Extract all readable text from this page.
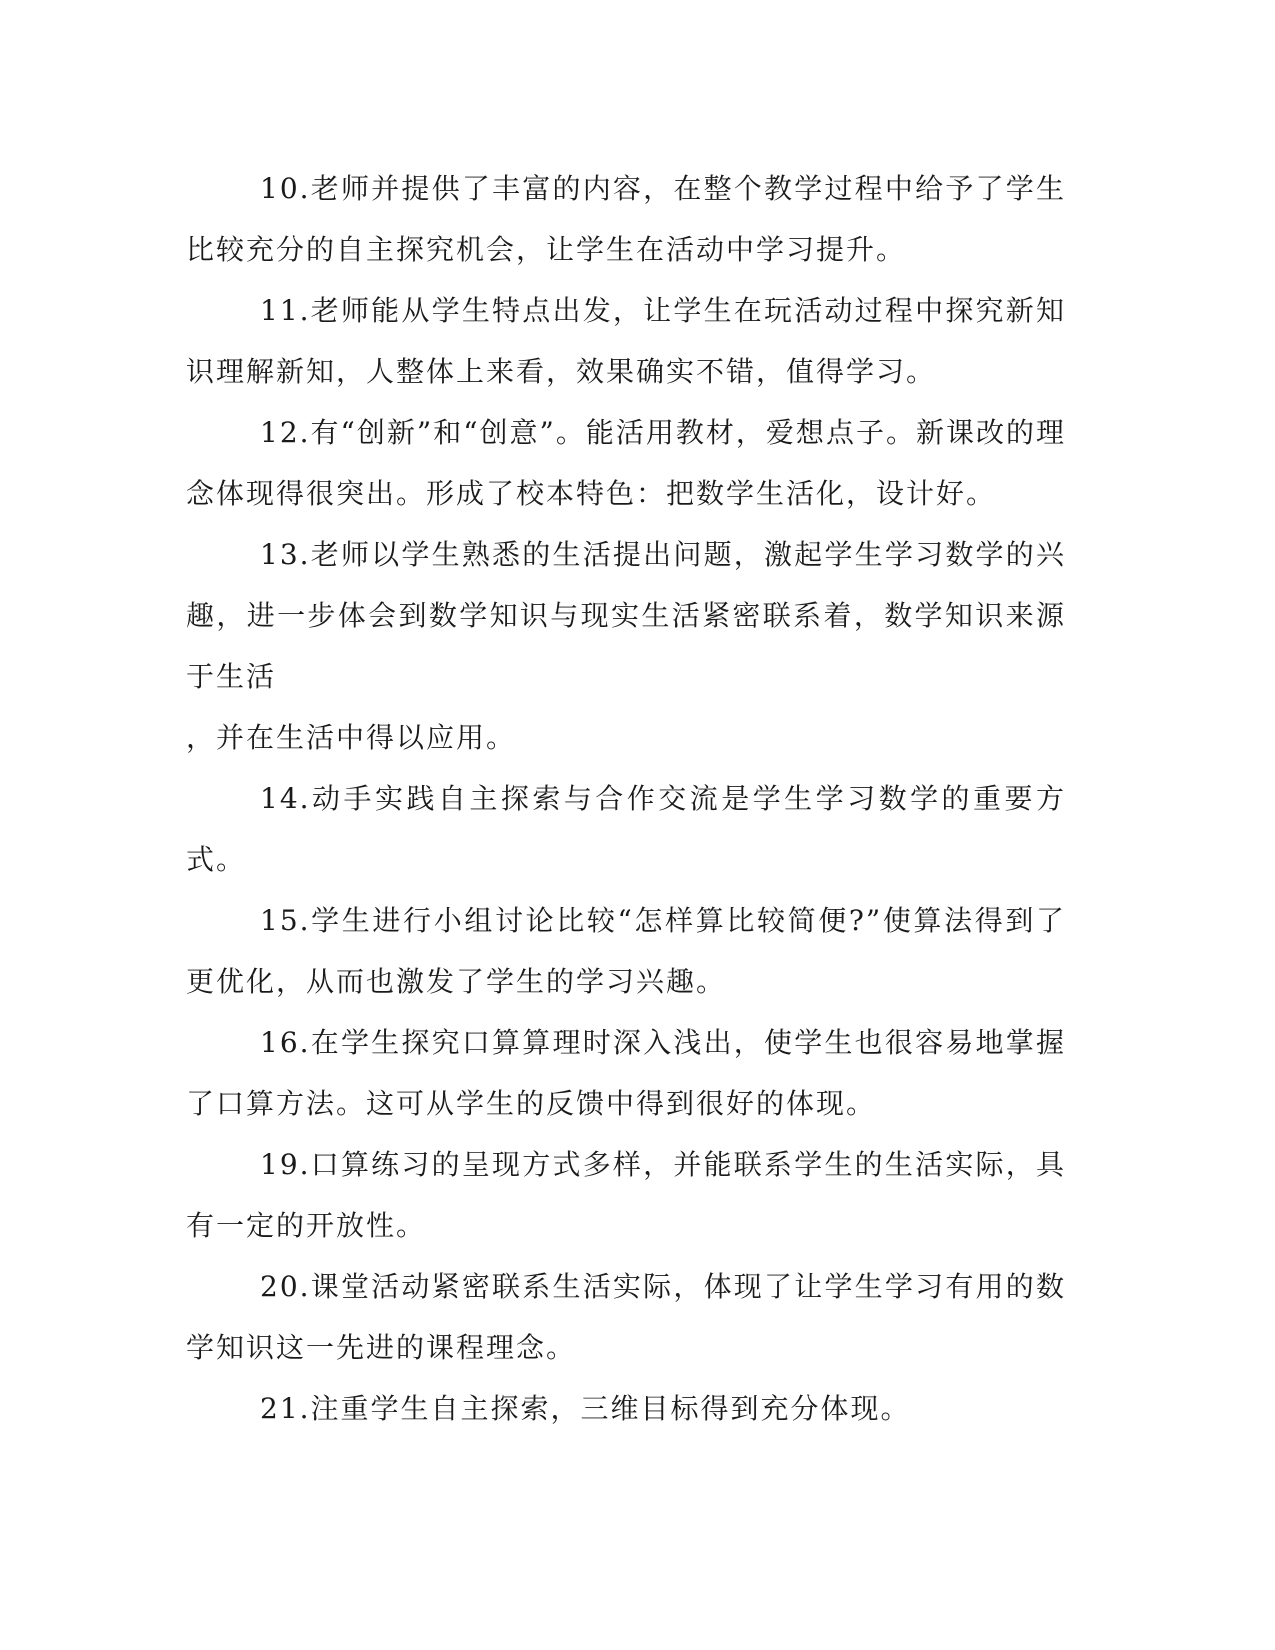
10.老师并提供了丰富的内容，在整个教学过程中给予了学生比较充分的自主探究机会，让学生在活动中学习提升。

11.老师能从学生特点出发，让学生在玩活动过程中探究新知识理解新知，人整体上来看，效果确实不错，值得学习。

12.有“创新”和“创意”。能活用教材，爱想点子。新课改的理念体现得很突出。形成了校本特色：把数学生活化，设计好。

13.老师以学生熟悉的生活提出问题，激起学生学习数学的兴趣，进一步体会到数学知识与现实生活紧密联系着，数学知识来源于生活
，并在生活中得以应用。

14.动手实践自主探索与合作交流是学生学习数学的重要方式。

15.学生进行小组讨论比较“怎样算比较简便?”使算法得到了更优化，从而也激发了学生的学习兴趣。

16.在学生探究口算算理时深入浅出，使学生也很容易地掌握了口算方法。这可从学生的反馈中得到很好的体现。

19.口算练习的呈现方式多样，并能联系学生的生活实际，具有一定的开放性。

20.课堂活动紧密联系生活实际，体现了让学生学习有用的数学知识这一先进的课程理念。

21.注重学生自主探索，三维目标得到充分体现。
